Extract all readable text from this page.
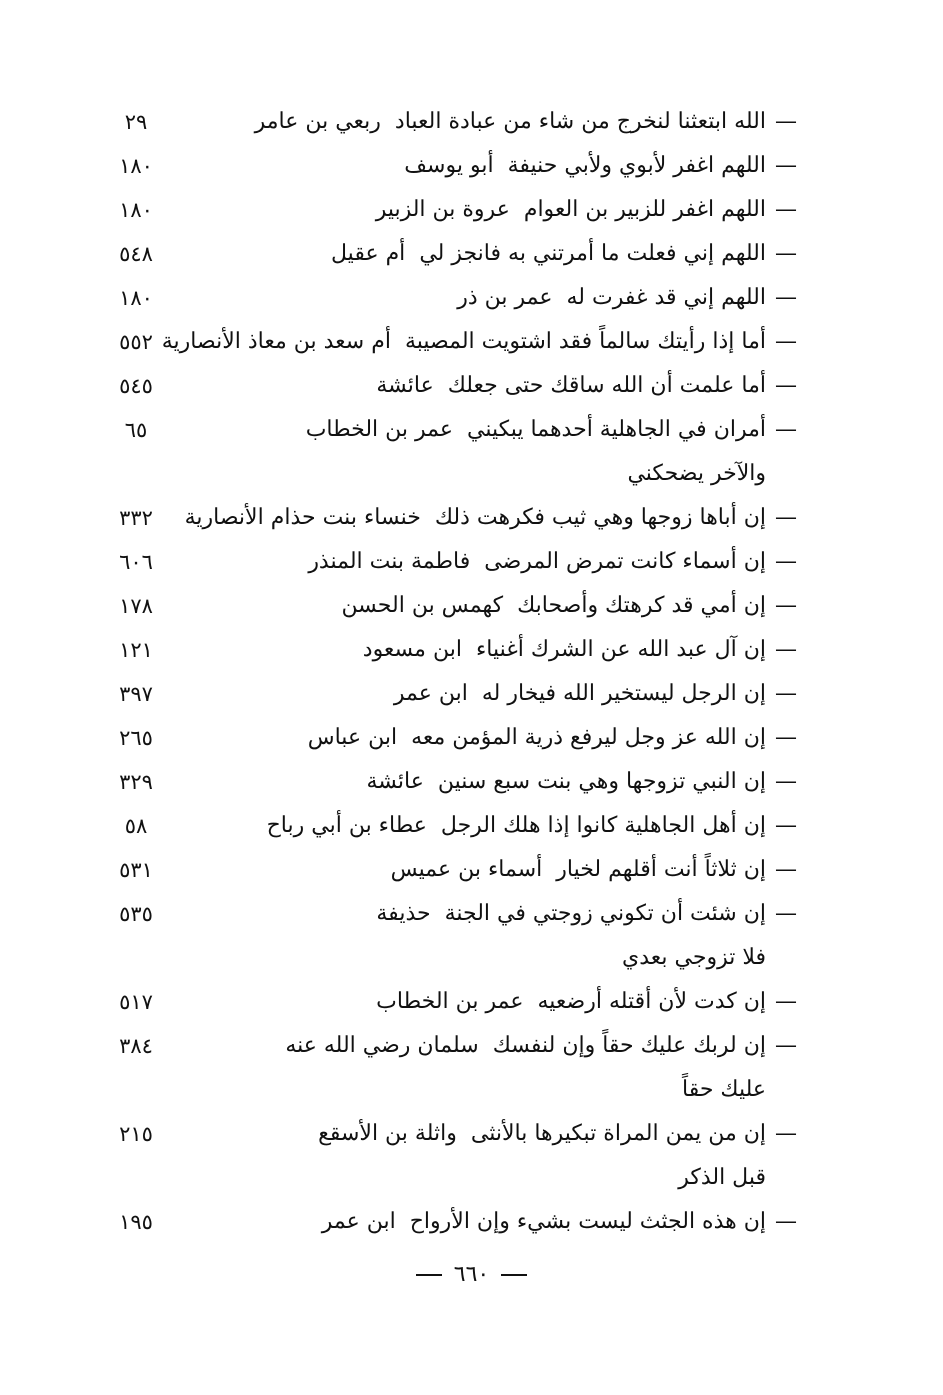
—
الله ابتعثنا لنخرج من شاء من عبادة العباد
ربعي بن عامر
٢٩
—
اللهم اغفر لأبوي ولأبي حنيفة
أبو يوسف
١٨٠
—
اللهم اغفر للزبير بن العوام
عروة بن الزبير
١٨٠
—
اللهم إني فعلت ما أمرتني به فانجز لي
أم عقيل
٥٤٨
—
اللهم إني قد غفرت له
عمر بن ذر
١٨٠
—
أما إذا رأيتك سالماً فقد اشتويت المصيبة
أم سعد بن معاذ الأنصارية
٥٥٢
—
أما علمت أن الله ساقك حتى جعلك
عائشة
٥٤٥
—
أمران في الجاهلية أحدهما يبكيني
عمر بن الخطاب
والآخر يضحكني
٦٥
—
إن أباها زوجها وهي ثيب فكرهت ذلك
خنساء بنت حذام الأنصارية
٣٣٢
—
إن أسماء كانت تمرض المرضى
فاطمة بنت المنذر
٦٠٦
—
إن أمي قد كرهتك وأصحابك
كهمس بن الحسن
١٧٨
—
إن آل عبد الله عن الشرك أغنياء
ابن مسعود
١٢١
—
إن الرجل ليستخير الله فيخار له
ابن عمر
٣٩٧
—
إن الله عز وجل ليرفع ذرية المؤمن معه
ابن عباس
٢٦٥
—
إن النبي تزوجها وهي بنت سبع سنين
عائشة
٣٢٩
—
إن أهل الجاهلية كانوا إذا هلك الرجل
عطاء بن أبي رباح
٥٨
—
إن ثلاثاً أنت أقلهم لخيار
أسماء بن عميس
٥٣١
—
إن شئت أن تكوني زوجتي في الجنة
حذيفة
فلا تزوجي بعدي
٥٣٥
—
إن كدت لأن أقتله أرضعيه
عمر بن الخطاب
٥١٧
—
إن لربك عليك حقاً وإن لنفسك
سلمان رضي الله عنه
عليك حقاً
٣٨٤
—
إن من يمن المراة تبكيرها بالأنثى
واثلة بن الأسقع
قبل الذكر
٢١٥
—
إن هذه الجثث ليست بشيء وإن الأرواح
ابن عمر
١٩٥
٦٦٠
